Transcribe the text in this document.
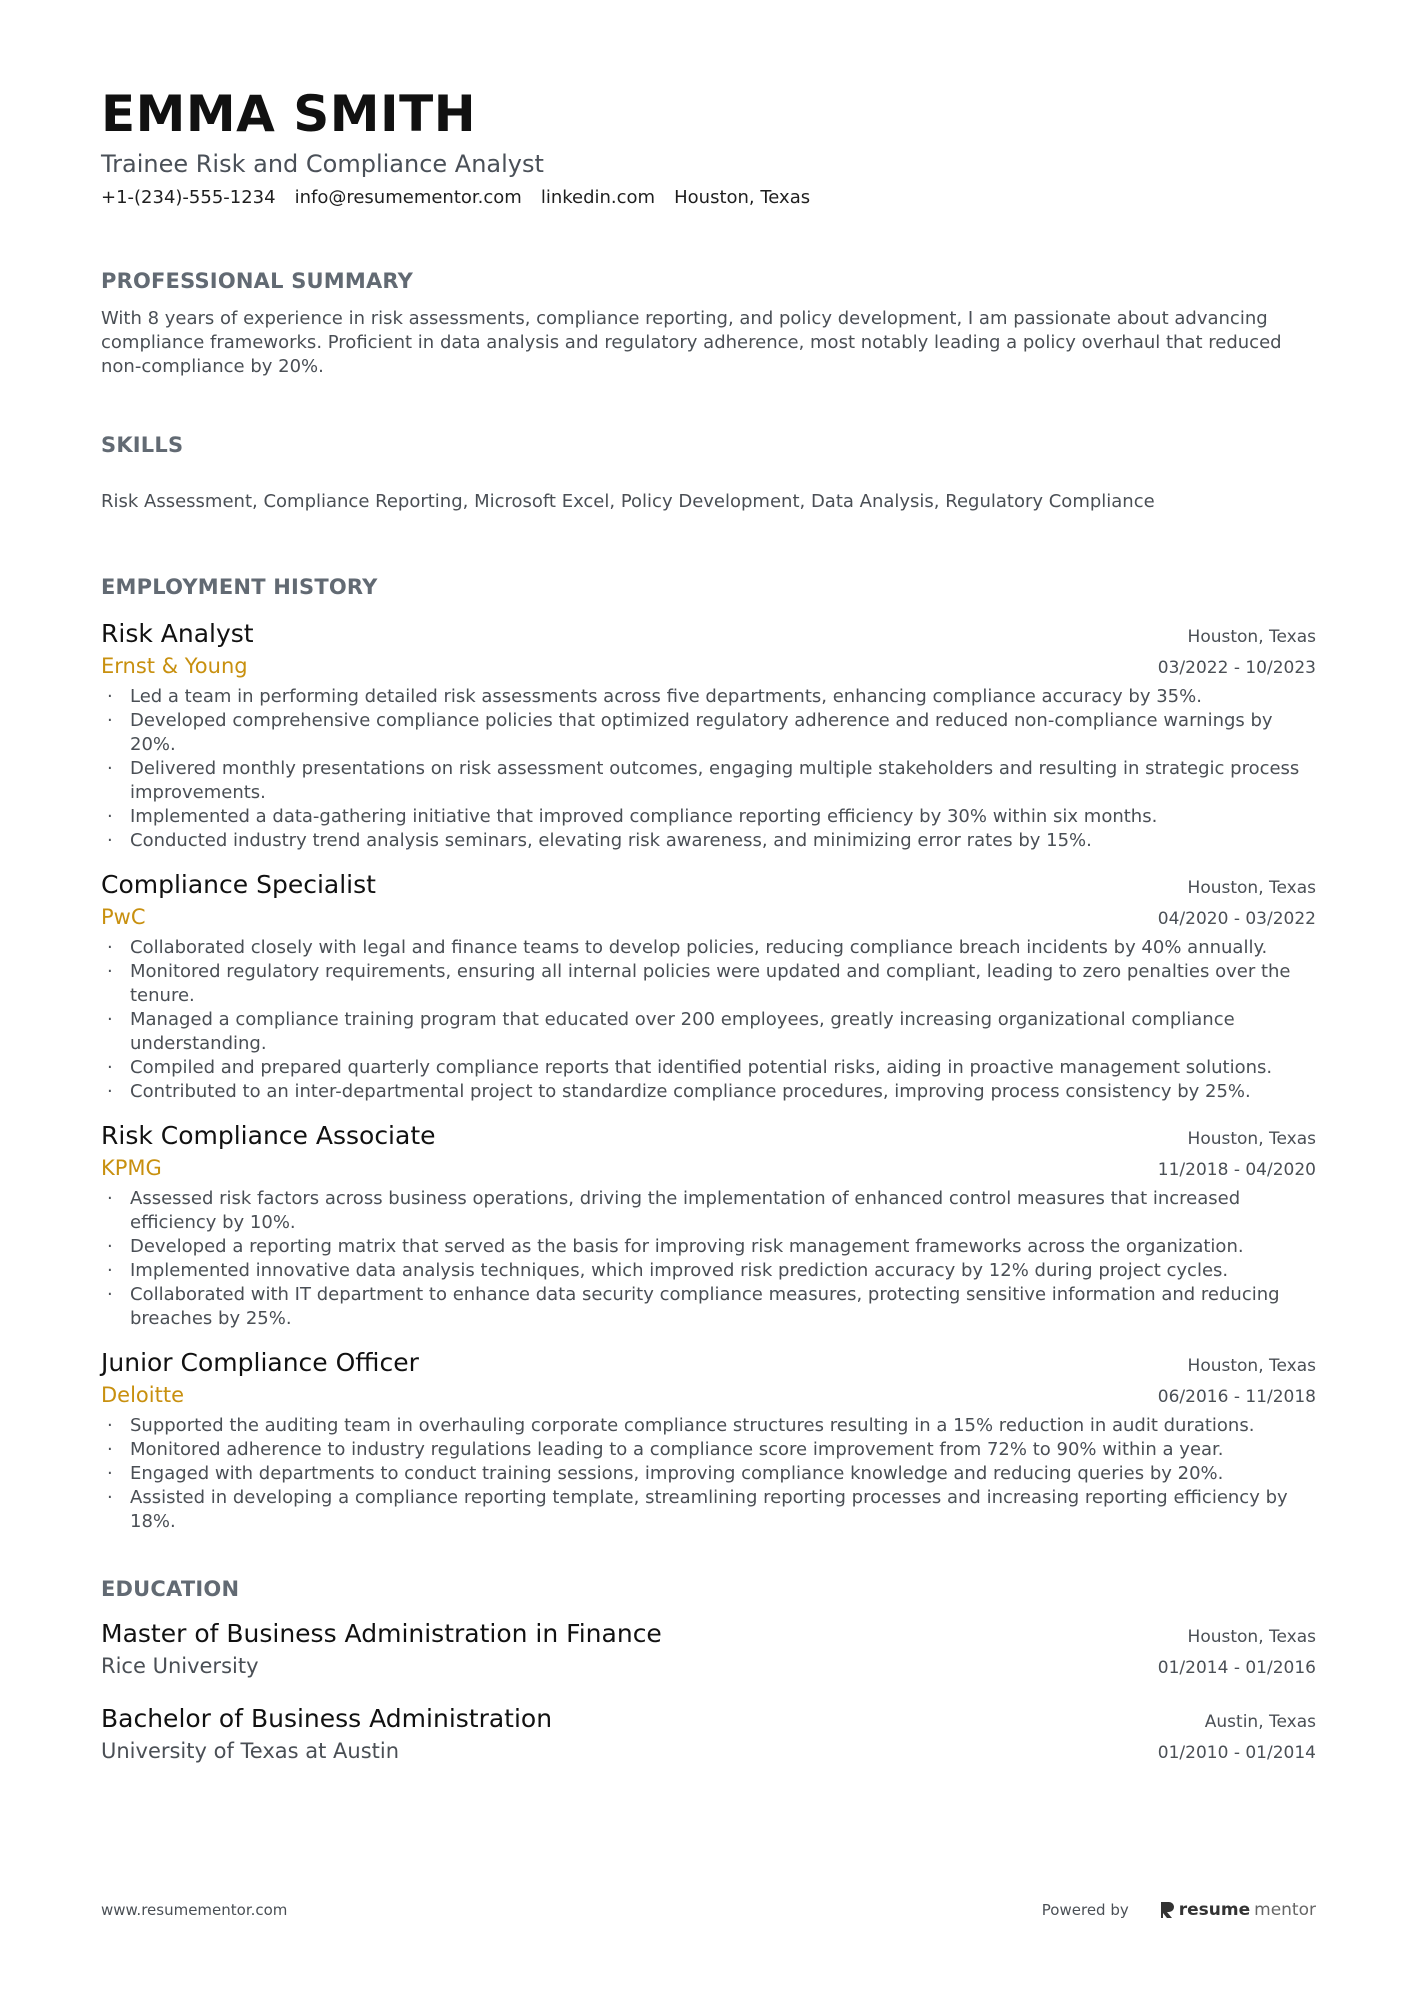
EMMA SMITH
Trainee Risk and Compliance Analyst
+1-(234)-555-1234 info@resumementor.com linkedin.com Houston, Texas
PROFESSIONAL SUMMARY

With 8 years of experience in risk assessments, compliance reporting, and policy development, I am passionate about advancing compliance frameworks. Proficient in data analysis and regulatory adherence, most notably leading a policy overhaul that reduced non-compliance by 20%.

SKILLS

Risk Assessment, Compliance Reporting, Microsoft Excel, Policy Development, Data Analysis, Regulatory Compliance

EMPLOYMENT HISTORY
Risk Analyst	Houston, Texas
Ernst & Young	03/2022 - 10/2023
· Led a team in performing detailed risk assessments across five departments, enhancing compliance accuracy by 35%.
· Developed comprehensive compliance policies that optimized regulatory adherence and reduced non-compliance warnings by 20%.
· Delivered monthly presentations on risk assessment outcomes, engaging multiple stakeholders and resulting in strategic process improvements.
· Implemented a data-gathering initiative that improved compliance reporting efficiency by 30% within six months.
· Conducted industry trend analysis seminars, elevating risk awareness, and minimizing error rates by 15%.
Compliance Specialist	Houston, Texas
PwC	04/2020 - 03/2022
· Collaborated closely with legal and finance teams to develop policies, reducing compliance breach incidents by 40% annually.
· Monitored regulatory requirements, ensuring all internal policies were updated and compliant, leading to zero penalties over the tenure.
· Managed a compliance training program that educated over 200 employees, greatly increasing organizational compliance understanding.
· Compiled and prepared quarterly compliance reports that identified potential risks, aiding in proactive management solutions.
· Contributed to an inter-departmental project to standardize compliance procedures, improving process consistency by 25%.
Risk Compliance Associate	Houston, Texas
KPMG	11/2018 - 04/2020
· Assessed risk factors across business operations, driving the implementation of enhanced control measures that increased efficiency by 10%.
· Developed a reporting matrix that served as the basis for improving risk management frameworks across the organization.
· Implemented innovative data analysis techniques, which improved risk prediction accuracy by 12% during project cycles.
· Collaborated with IT department to enhance data security compliance measures, protecting sensitive information and reducing breaches by 25%.
Junior Compliance Officer	Houston, Texas
Deloitte	06/2016 - 11/2018
· Supported the auditing team in overhauling corporate compliance structures resulting in a 15% reduction in audit durations.
· Monitored adherence to industry regulations leading to a compliance score improvement from 72% to 90% within a year.
· Engaged with departments to conduct training sessions, improving compliance knowledge and reducing queries by 20%.
· Assisted in developing a compliance reporting template, streamlining reporting processes and increasing reporting efficiency by 18%.
EDUCATION
Master of Business Administration in Finance	Houston, Texas
Rice University	01/2014 - 01/2016
Bachelor of Business Administration	Austin, Texas
University of Texas at Austin	01/2010 - 01/2014
www.resumementor.com	Powered by	resume mentor
